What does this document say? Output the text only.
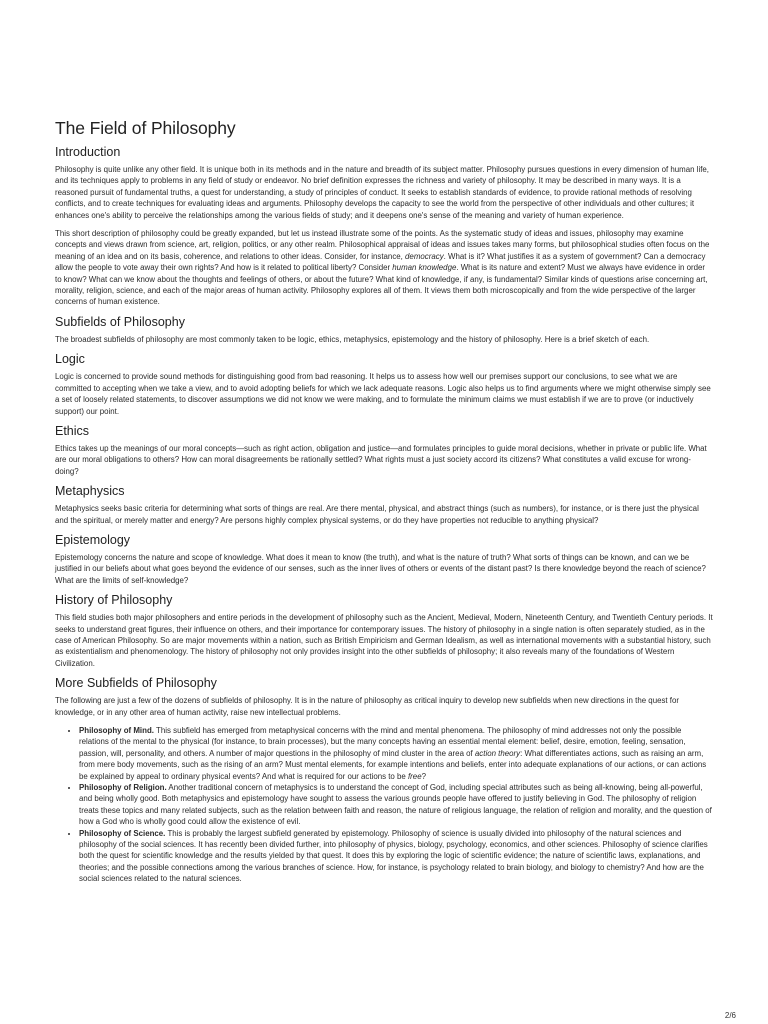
The Field of Philosophy
Introduction

Philosophy is quite unlike any other field. It is unique both in its methods and in the nature and breadth of its subject matter. Philosophy pursues questions in every dimension of human life, and its techniques apply to problems in any field of study or endeavor. No brief definition expresses the richness and variety of philosophy. It may be described in many ways. It is a reasoned pursuit of fundamental truths, a quest for understanding, a study of principles of conduct. It seeks to establish standards of evidence, to provide rational methods of resolving conflicts, and to create techniques for evaluating ideas and arguments. Philosophy develops the capacity to see the world from the perspective of other individuals and other cultures; it enhances one's ability to perceive the relationships among the various fields of study; and it deepens one's sense of the meaning and variety of human experience.

This short description of philosophy could be greatly expanded, but let us instead illustrate some of the points. As the systematic study of ideas and issues, philosophy may examine concepts and views drawn from science, art, religion, politics, or any other realm. Philosophical appraisal of ideas and issues takes many forms, but philosophical studies often focus on the meaning of an idea and on its basis, coherence, and relations to other ideas. Consider, for instance, democracy. What is it? What justifies it as a system of government? Can a democracy allow the people to vote away their own rights? And how is it related to political liberty? Consider human knowledge. What is its nature and extent? Must we always have evidence in order to know? What can we know about the thoughts and feelings of others, or about the future? What kind of knowledge, if any, is fundamental? Similar kinds of questions arise concerning art, morality, religion, science, and each of the major areas of human activity. Philosophy explores all of them. It views them both microscopically and from the wide perspective of the larger concerns of human existence.

Subfields of Philosophy

The broadest subfields of philosophy are most commonly taken to be logic, ethics, metaphysics, epistemology and the history of philosophy. Here is a brief sketch of each.

Logic

Logic is concerned to provide sound methods for distinguishing good from bad reasoning. It helps us to assess how well our premises support our conclusions, to see what we are committed to accepting when we take a view, and to avoid adopting beliefs for which we lack adequate reasons. Logic also helps us to find arguments where we might otherwise simply see a set of loosely related statements, to discover assumptions we did not know we were making, and to formulate the minimum claims we must establish if we are to prove (or inductively support) our point.

Ethics

Ethics takes up the meanings of our moral concepts—such as right action, obligation and justice—and formulates principles to guide moral decisions, whether in private or public life. What are our moral obligations to others? How can moral disagreements be rationally settled? What rights must a just society accord its citizens? What constitutes a valid excuse for wrong-doing?

Metaphysics

Metaphysics seeks basic criteria for determining what sorts of things are real. Are there mental, physical, and abstract things (such as numbers), for instance, or is there just the physical and the spiritual, or merely matter and energy? Are persons highly complex physical systems, or do they have properties not reducible to anything physical?

Epistemology

Epistemology concerns the nature and scope of knowledge. What does it mean to know (the truth), and what is the nature of truth? What sorts of things can be known, and can we be justified in our beliefs about what goes beyond the evidence of our senses, such as the inner lives of others or events of the distant past? Is there knowledge beyond the reach of science? What are the limits of self-knowledge?

History of Philosophy

This field studies both major philosophers and entire periods in the development of philosophy such as the Ancient, Medieval, Modern, Nineteenth Century, and Twentieth Century periods. It seeks to understand great figures, their influence on others, and their importance for contemporary issues. The history of philosophy in a single nation is often separately studied, as in the case of American Philosophy. So are major movements within a nation, such as British Empiricism and German Idealism, as well as international movements with a substantial history, such as existentialism and phenomenology. The history of philosophy not only provides insight into the other subfields of philosophy; it also reveals many of the foundations of Western Civilization.

More Subfields of Philosophy

The following are just a few of the dozens of subfields of philosophy. It is in the nature of philosophy as critical inquiry to develop new subfields when new directions in the quest for knowledge, or in any other area of human activity, raise new intellectual problems.

• Philosophy of Mind. This subfield has emerged from metaphysical concerns with the mind and mental phenomena. The philosophy of mind addresses not only the possible relations of the mental to the physical (for instance, to brain processes), but the many concepts having an essential mental element: belief, desire, emotion, feeling, sensation, passion, will, personality, and others. A number of major questions in the philosophy of mind cluster in the area of action theory: What differentiates actions, such as raising an arm, from mere body movements, such as the rising of an arm? Must mental elements, for example intentions and beliefs, enter into adequate explanations of our actions, or can actions be explained by appeal to ordinary physical events? And what is required for our actions to be free?
• Philosophy of Religion. Another traditional concern of metaphysics is to understand the concept of God, including special attributes such as being all-knowing, being all-powerful, and being wholly good. Both metaphysics and epistemology have sought to assess the various grounds people have offered to justify believing in God. The philosophy of religion treats these topics and many related subjects, such as the relation between faith and reason, the nature of religious language, the relation of religion and morality, and the question of how a God who is wholly good could allow the existence of evil.
• Philosophy of Science. This is probably the largest subfield generated by epistemology. Philosophy of science is usually divided into philosophy of the natural sciences and philosophy of the social sciences. It has recently been divided further, into philosophy of physics, biology, psychology, economics, and other sciences. Philosophy of science clarifies both the quest for scientific knowledge and the results yielded by that quest. It does this by exploring the logic of scientific evidence; the nature of scientific laws, explanations, and theories; and the possible connections among the various branches of science. How, for instance, is psychology related to brain biology, and biology to chemistry? And how are the social sciences related to the natural sciences.
2/6
